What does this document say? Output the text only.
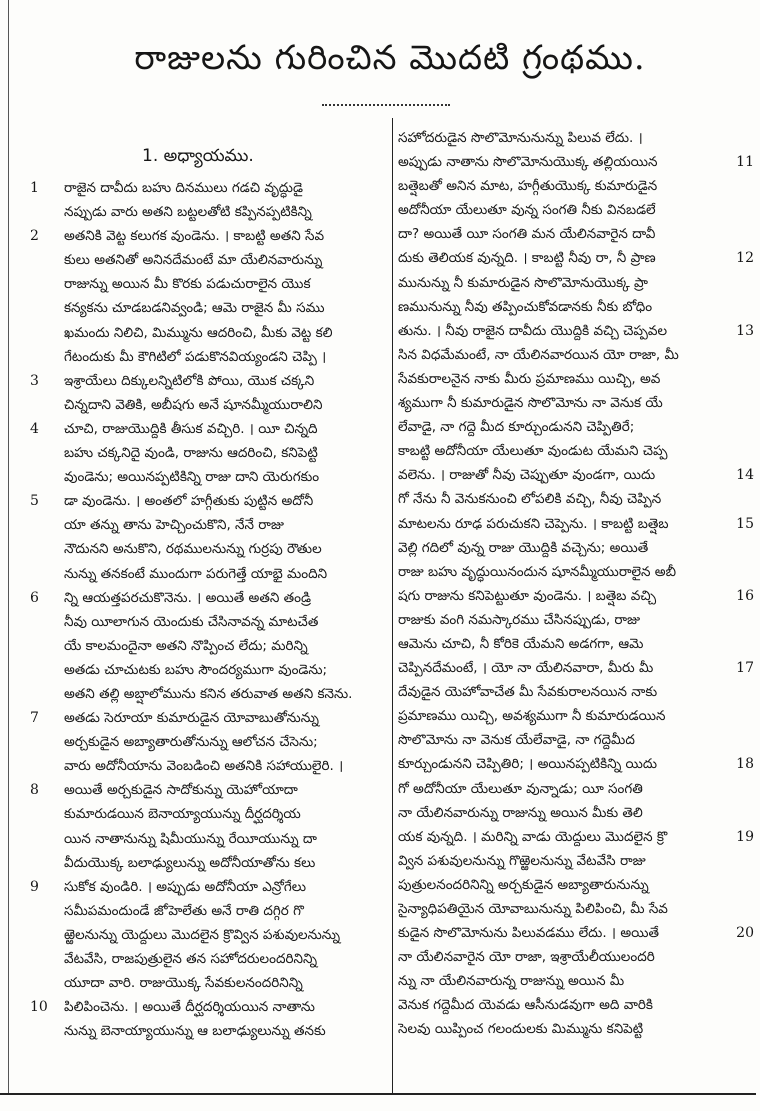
రాజులను గురించిన మొదటి గ్రంథము.
1. అధ్యాయము.
1 రాజైన దావీదు బహు దినములు గడచి వృద్ధుడై
నప్పుడు వారు అతని బట్టలతోటి కప్పినప్పటికిన్ని
2 అతనికి వెట్ట కలుగక వుండెను. । కాబట్టి అతని సేవ
కులు అతనితో అనినదేమంటే మా యేలినవారున్ను
రాజున్ను అయిన మీ కొరకు పడుచురాలైన యొక
కన్యకను చూడబడనివ్వండి; ఆమె రాజైన మీ సము
ఖమందు నిలిచి, మిమ్మును ఆదరించి, మీకు వెట్ట కలి
గేటందుకు మీ కౌగిటిలో పడుకొనవియ్యండని చెప్పి ।
3 ఇశ్రాయేలు దిక్కులన్నిటిలోకి పోయి, యొక చక్కని
చిన్నదాని వెతికి, అబీషగు అనే షూనమ్మీయురాలిని
4 చూచి, రాజుయొద్దికి తీసుక వచ్చిరి. । యీ చిన్నది
బహు చక్కనిదై వుండి, రాజును ఆదరించి, కనిపెట్టి
వుండెను; అయినప్పటికిన్ని రాజు దాని యెరుగకుం
5 డా వుండెను. । అంతలో హగ్గీతుకు పుట్టిన అదోనీ
యా తన్ను తాను హెచ్చించుకొని, నేనే రాజు
నౌదునని అనుకొని, రథములనున్ను గుర్రపు రౌతుల
నున్ను తనకంటే ముందుగా పరుగెత్తే యాభై మందిని
6 న్ని ఆయత్తపరచుకొనెను. । అయితే అతని తండ్రి
నీవు యీలాగున యెందుకు చేసినావన్న మాటచేత
యే కాలమందైనా అతని నొప్పించ లేదు; మరిన్ని
అతడు చూచుటకు బహు సౌందర్యముగా వుండెను;
అతని తల్లి అబ్షాలోమును కనిన తరువాత అతని కనెను.
7 అతడు సెరూయా కుమారుడైన యోవాబుతోనున్ను
అర్చకుడైన అబ్యాతారుతోనున్ను ఆలోచన చేసెను;
వారు అదోనీయాను వెంబడించి అతనికి సహాయులైరి. ।
8 అయితే అర్చకుడైన సాదోకున్ను యెహోయాదా
కుమారుడయిన బెనాయ్యాయున్ను దీర్ఘదర్శియ
యిన నాతానున్ను షిమీయున్ను రేయీయున్ను దా
వీదుయొక్క బలాఢ్యులున్ను అదోనీయాతోను కలు
9 సుకోక వుండిరి. । అప్పుడు అదోనీయా ఎన్రోగేలు
సమీపమందుండే జోహెలేతు అనే రాతి దగ్గిర గొ
ఱ్ఱెలనున్ను యెద్దులు మొదలైన క్రొవ్విన పశువులనున్ను
వేటవేసి, రాజపుత్రులైన తన సహోదరులందరినిన్ని
యూదా వారి. రాజుయొక్క సేవకులనందరినిన్ని
10 పిలిపించెను. । అయితే దీర్ఘదర్శియయిన నాతాను
నున్ను బెనాయ్యాయున్ను ఆ బలాఢ్యులున్ను తనకు
సహోదరుడైన సొలొమోనునున్ను పిలువ లేదు. ।
11
అప్పుడు నాతాను సొలొమోనుయొక్క తల్లియయిన
బత్షెబతో అనిన మాట, హగ్గీతుయొక్క కుమారుడైన
అదోనీయా యేలుతూ వున్న సంగతి నీకు వినబడలే
దా? అయితే యీ సంగతి మన యేలినవారైన దావీ
12
దుకు తెలియక వున్నది. । కాబట్టి నీవు రా, నీ ప్రాణ
మునున్ను నీ కుమారుడైన సొలొమోనుయొక్క ప్రా
ణమునున్ను నీవు తప్పించుకోవడానకు నీకు బోధిం
13
తును. । నీవు రాజైన దావీదు యొద్దికి వచ్చి చెప్పవల
సిన విధమేమంటే, నా యేలినవారయిన యో రాజా, మీ
సేవకురాలనైన నాకు మీరు ప్రమాణము యిచ్చి, అవ
శ్యముగా నీ కుమారుడైన సొలొమోను నా వెనుక యే
లేవాడై, నా గద్దె మీద కూర్చుండునని చెప్పితిరే;
కాబట్టి అదోనీయా యేలుతూ వుండుట యేమని చెప్ప
14
వలెను. । రాజుతో నీవు చెప్పుతూ వుండగా, యిదు
గో నేను నీ వెనుకనుంచి లోపలికి వచ్చి, నీవు చెప్పిన
15
మాటలను రూఢ పరుచుకని చెప్పెను. । కాబట్టి బత్షెబ
వెల్లి గదిలో వున్న రాజు యొద్దికి వచ్చెను; అయితే
రాజు బహు వృద్ధుయినందున షూనమ్మీయురాలైన అబీ
16
షగు రాజును కనిపెట్టుతూ వుండెను. । బత్షెబ వచ్చి
రాజుకు వంగి నమస్కారము చేసినప్పుడు, రాజు
ఆమెను చూచి, నీ కోరికె యేమని అడగగా, ఆమె
17
చెప్పినదేమంటే, । యో నా యేలినవారా, మీరు మీ
దేవుడైన యెహోవాచేత మీ సేవకురాలనయిన నాకు
ప్రమాణము యిచ్చి, అవశ్యముగా నీ కుమారుడయిన
సొలొమోను నా వెనుక యేలేవాడై, నా గద్దెమీద
18
కూర్చుండునని చెప్పితిరి; । అయినప్పటికిన్ని యిదు
గో అదోనీయా యేలుతూ వున్నాడు; యీ సంగతి
నా యేలినవారున్ను రాజున్ను అయిన మీకు తెలి
19
యక వున్నది. । మరిన్ని వాడు యెద్దులు మొదలైన క్రొ
వ్విన పశువులనున్ను గొఱ్ఱెలనున్ను వేటవేసి రాజు
పుత్రులనందరినిన్ని అర్చకుడైన అబ్యాతారునున్ను
సైన్యాధిపతియైన యోవాబునున్ను పిలిపించి, మీ సేవ
20
కుడైన సొలొమోనును పిలువడము లేదు. । అయితే
నా యేలినవారైన యో రాజా, ఇశ్రాయేలీయులందరి
న్ను నా యేలినవారున్న రాజున్ను అయిన మీ
వెనుక గద్దెమీద యెవడు ఆసీనుడవుగా అది వారికి
సెలవు యిప్పించ గలందులకు మిమ్మును కనిపెట్టి
